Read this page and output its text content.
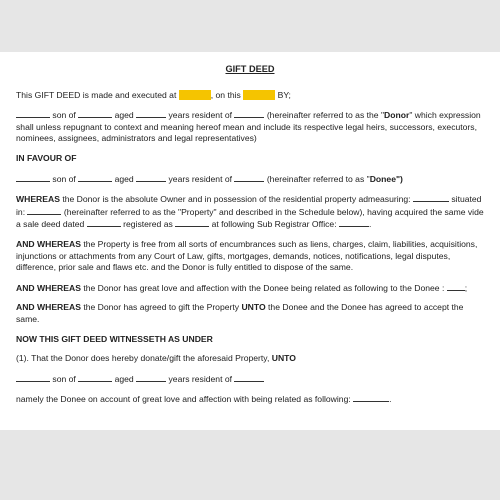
GIFT DEED

This GIFT DEED is made and executed at	, on this	BY;

son of	aged	years resident of	(hereinafter referred to as the "Donor" which expression shall unless repugnant to context and meaning hereof mean and include its respective legal heirs, successors, executors, nominees, assignees, administrators and legal representatives)

IN FAVOUR OF

son of	aged	years resident of	(hereinafter referred to as "Donee")

WHEREAS the Donor is the absolute Owner and in possession of the residential property admeasuring:	situated in:	(hereinafter referred to as the "Property" and described in the Schedule below), having acquired the same vide a sale deed dated	registered as	at following Sub Registrar Office:	.

AND WHEREAS the Property is free from all sorts of encumbrances such as liens, charges, claim, liabilities, acquisitions, injunctions or attachments from any Court of Law, gifts, mortgages, demands, notices, notifications, legal disputes, difference, prior sale and flaws etc. and the Donor is fully entitled to dispose of the same.

AND WHEREAS the Donor has great love and affection with the Donee being related as following to the Donee : ;

AND WHEREAS the Donor has agreed to gift the Property UNTO the Donee and the Donee has agreed to accept the same.

NOW THIS GIFT DEED WITNESSETH AS UNDER

(1). That the Donor does hereby donate/gift the aforesaid Property, UNTO

son of	aged	years resident of

namely the Donee on account of great love and affection with being related as following:	.
